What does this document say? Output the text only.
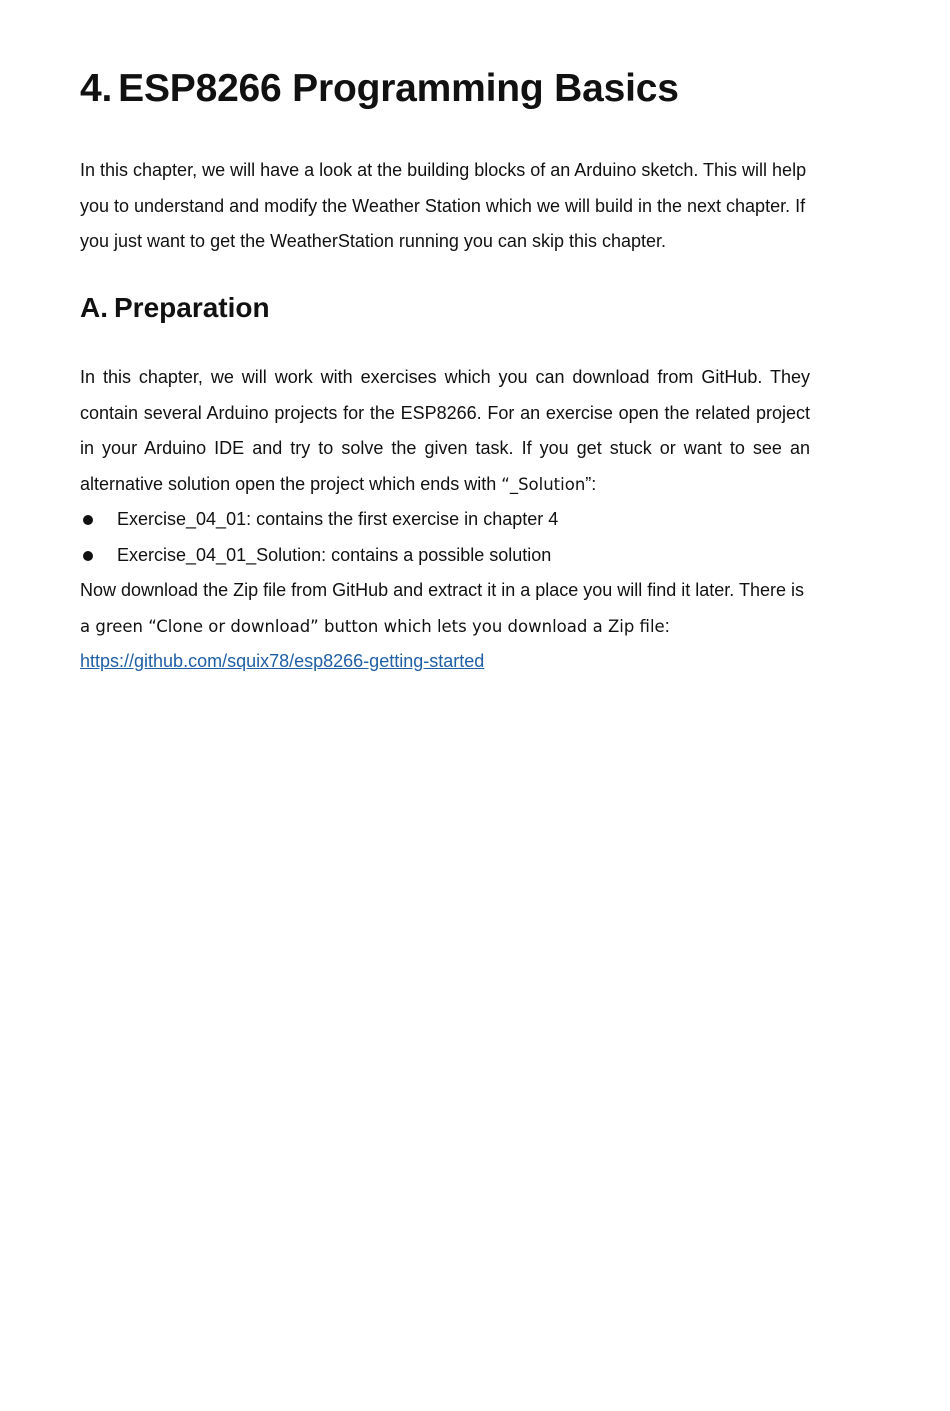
4. ESP8266 Programming Basics

In this chapter, we will have a look at the building blocks of an Arduino sketch. This will help you to understand and modify the Weather Station which we will build in the next chapter. If you just want to get the WeatherStation running you can skip this chapter.

A. Preparation

In this chapter, we will work with exercises which you can download from GitHub. They contain several Arduino projects for the ESP8266. For an exercise open the related project in your Arduino IDE and try to solve the given task. If you get stuck or want to see an alternative solution open the project which ends with “_Solution”:

Exercise_04_01: contains the first exercise in chapter 4
Exercise_04_01_Solution: contains a possible solution

Now download the Zip file from GitHub and extract it in a place you will find it later. There is a green “Clone or download” button which lets you download a Zip file:
https://github.com/squix78/esp8266-getting-started
